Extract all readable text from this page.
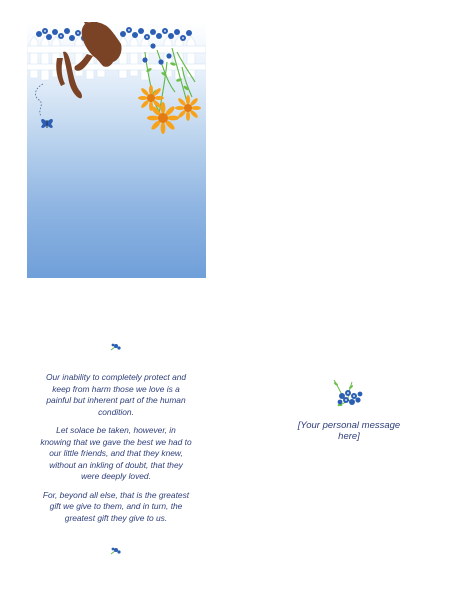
Our inability to completely protect and keep from harm those we love is a painful but inherent part of the human condition.

Let solace be taken, however, in knowing that we gave the best we had to our little friends, and that they knew, without an inkling of doubt, that they were deeply loved.

For, beyond all else, that is the greatest gift we give to them, and in turn, the greatest gift they give to us.

[Your personal message here]
